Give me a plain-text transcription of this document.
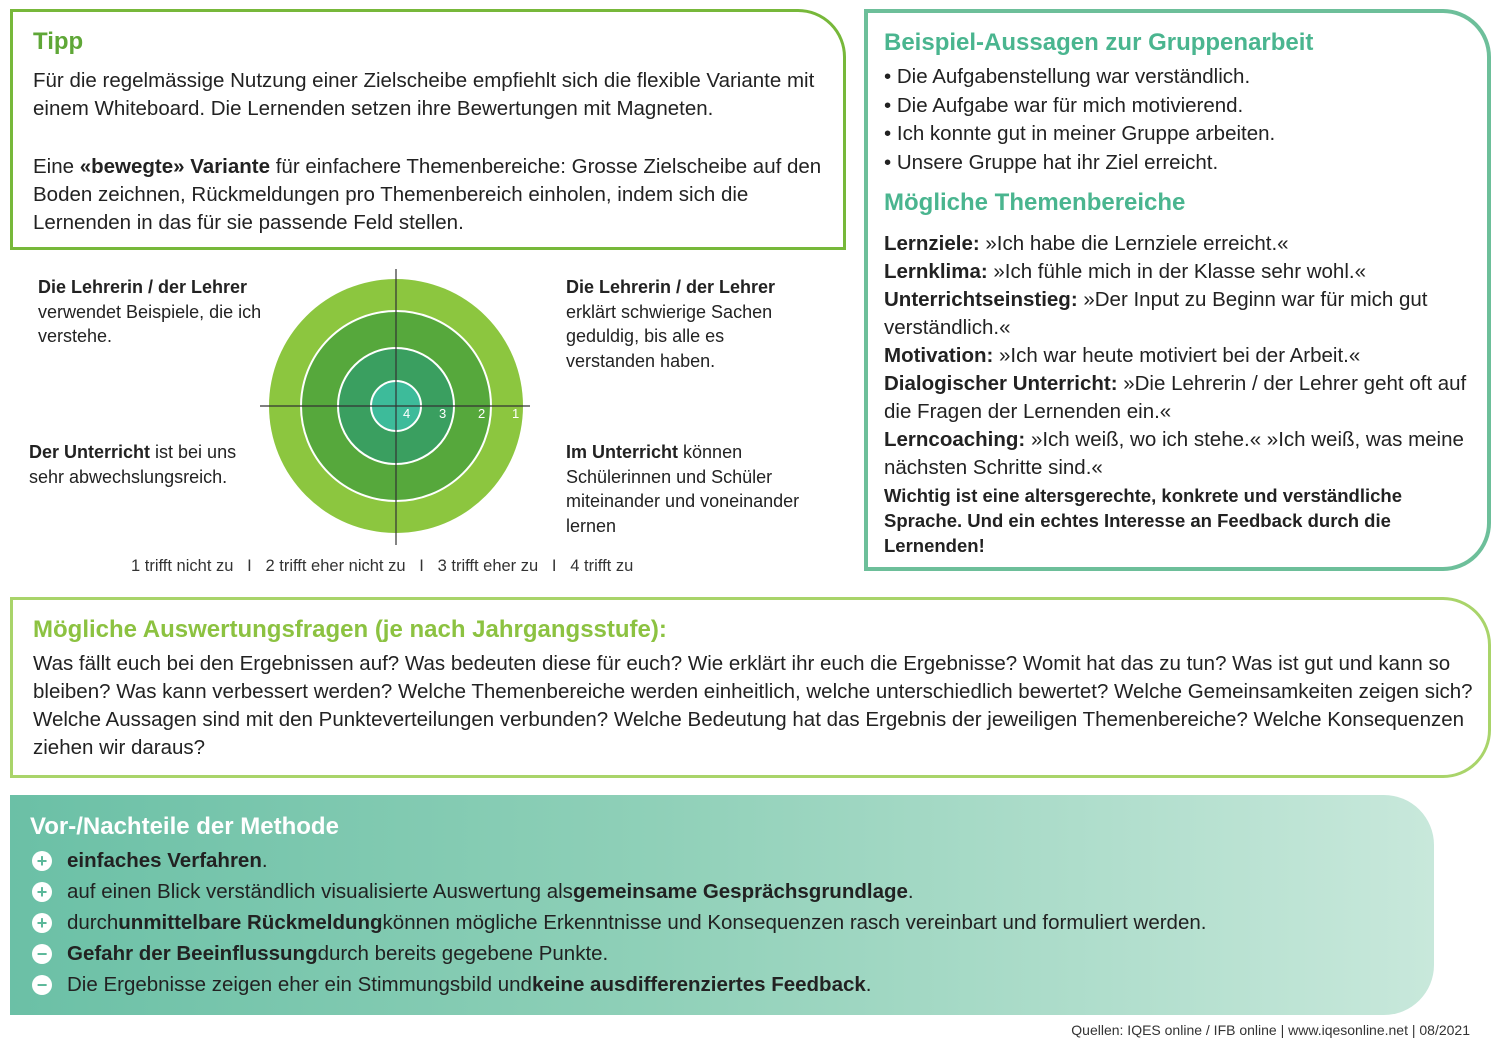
Tipp

Für die regelmässige Nutzung einer Zielscheibe empfiehlt sich die flexible Variante mit einem Whiteboard. Die Lernenden setzen ihre Bewertungen mit Magneten.

Eine «bewegte» Variante für einfachere Themenbereiche: Grosse Zielscheibe auf den Boden zeichnen, Rückmeldungen pro Themenbereich einholen, indem sich die Lernenden in das für sie passende Feld stellen.

Die Lehrerin / der Lehrer
verwendet Beispiele, die ich verstehe.
Die Lehrerin / der Lehrer
erklärt schwierige Sachen geduldig, bis alle es verstanden haben.
Der Unterricht ist bei uns sehr abwechslungsreich.
Im Unterricht können Schülerinnen und Schüler miteinander und voneinander lernen
4 3 2 1
1 trifft nicht zu   I   2 trifft eher nicht zu   I   3 trifft eher zu   I   4 trifft zu
Beispiel-Aussagen zur Gruppenarbeit
• Die Aufgabenstellung war verständlich.
• Die Aufgabe war für mich motivierend.
• Ich konnte gut in meiner Gruppe arbeiten.
• Unsere Gruppe hat ihr Ziel erreicht.
Mögliche Themenbereiche
Lernziele: »Ich habe die Lernziele erreicht.«
Lernklima: »Ich fühle mich in der Klasse sehr wohl.«
Unterrichtseinstieg: »Der Input zu Beginn war für mich gut verständlich.«
Motivation: »Ich war heute motiviert bei der Arbeit.«
Dialogischer Unterricht: »Die Lehrerin / der Lehrer geht oft auf die Fragen der Lernenden ein.«
Lerncoaching: »Ich weiß, wo ich stehe.« »Ich weiß, was meine nächsten Schritte sind.«
Wichtig ist eine altersgerechte, konkrete und verständliche Sprache. Und ein echtes Interesse an Feedback durch die Lernenden!
Mögliche Auswertungsfragen (je nach Jahrgangsstufe):

Was fällt euch bei den Ergebnissen auf? Was bedeuten diese für euch? Wie erklärt ihr euch die Ergebnisse? Womit hat das zu tun? Was ist gut und kann so bleiben? Was kann verbessert werden? Welche Themenbereiche werden einheitlich, welche unterschiedlich bewertet? Welche Gemeinsamkeiten zeigen sich? Welche Aussagen sind mit den Punkteverteilungen verbunden? Welche Bedeutung hat das Ergebnis der jeweiligen Themenbereiche? Welche Konsequenzen ziehen wir daraus?

Vor-/Nachteile der Methode
+ einfaches Verfahren .
+ auf einen Blick verständlich visualisierte Auswertung als gemeinsame Gesprächsgrundlage .
+ durch unmittelbare Rückmeldung können mögliche Erkenntnisse und Konsequenzen rasch vereinbart und formuliert werden.
− Gefahr der Beeinflussung durch bereits gegebene Punkte.
− Die Ergebnisse zeigen eher ein Stimmungsbild und keine ausdifferenziertes Feedback .
Quellen: IQES online / IFB online | www.iqesonline.net | 08/2021
